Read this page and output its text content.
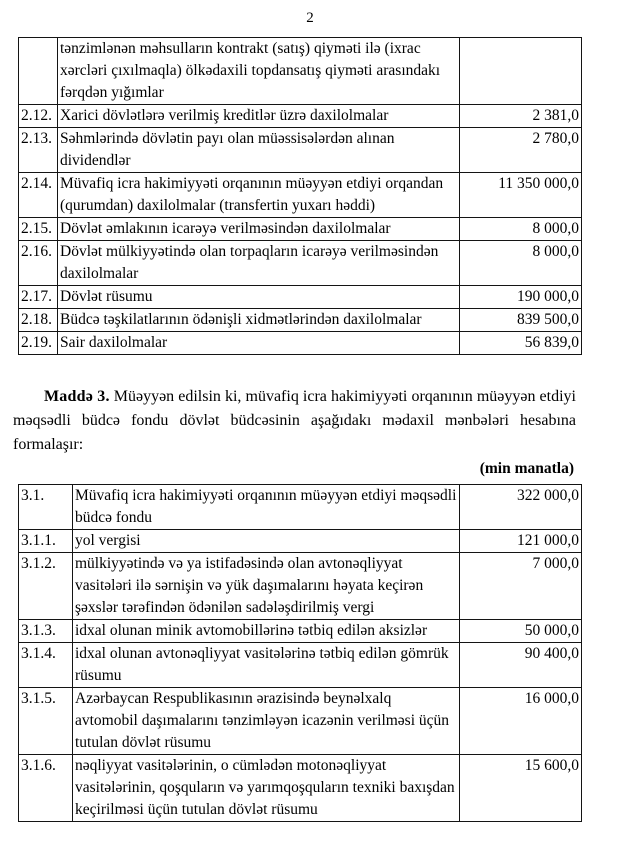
2
	tənzimlənən məhsulların kontrakt (satış) qiyməti ilə (ixrac xərcləri çıxılmaqla) ölkədaxili topdansatış qiyməti arasındakı fərqdən yığımlar	
2.12.	Xarici dövlətlərə verilmiş kreditlər üzrə daxilolmalar	2 381,0
2.13.	Səhmlərində dövlətin payı olan müəssisələrdən alınan dividendlər	2 780,0
2.14.	Müvafiq icra hakimiyyəti orqanının müəyyən etdiyi orqandan (qurumdan) daxilolmalar (transfertin yuxarı həddi)	11 350 000,0
2.15.	Dövlət əmlakının icarəyə verilməsindən daxilolmalar	8 000,0
2.16.	Dövlət mülkiyyətində olan torpaqların icarəyə verilməsindən daxilolmalar	8 000,0
2.17.	Dövlət rüsumu	190 000,0
2.18.	Büdcə təşkilatlarının ödənişli xidmətlərindən daxilolmalar	839 500,0
2.19.	Sair daxilolmalar	56 839,0

Maddə 3. Müəyyən edilsin ki, müvafiq icra hakimiyyəti orqanının müəyyən etdiyi məqsədli büdcə fondu dövlət büdcəsinin aşağıdakı mədaxil mənbələri hesabına formalaşır:

(min manatla)
3.1.	Müvafiq icra hakimiyyəti orqanının müəyyən etdiyi məqsədli büdcə fondu	322 000,0
3.1.1.	yol vergisi	121 000,0
3.1.2.	mülkiyyətində və ya istifadəsində olan avtonəqliyyat vasitələri ilə sərnişin və yük daşımalarını həyata keçirən şəxslər tərəfindən ödənilən sadələşdirilmiş vergi	7 000,0
3.1.3.	idxal olunan minik avtomobillərinə tətbiq edilən aksizlər	50 000,0
3.1.4.	idxal olunan avtonəqliyyat vasitələrinə tətbiq edilən gömrük rüsumu	90 400,0
3.1.5.	Azərbaycan Respublikasının ərazisində beynəlxalq avtomobil daşımalarını tənzimləyən icazənin verilməsi üçün tutulan dövlət rüsumu	16 000,0
3.1.6.	nəqliyyat vasitələrinin, o cümlədən motonəqliyyat vasitələrinin, qoşquların və yarımqoşquların texniki baxışdan keçirilməsi üçün tutulan dövlət rüsumu	15 600,0
